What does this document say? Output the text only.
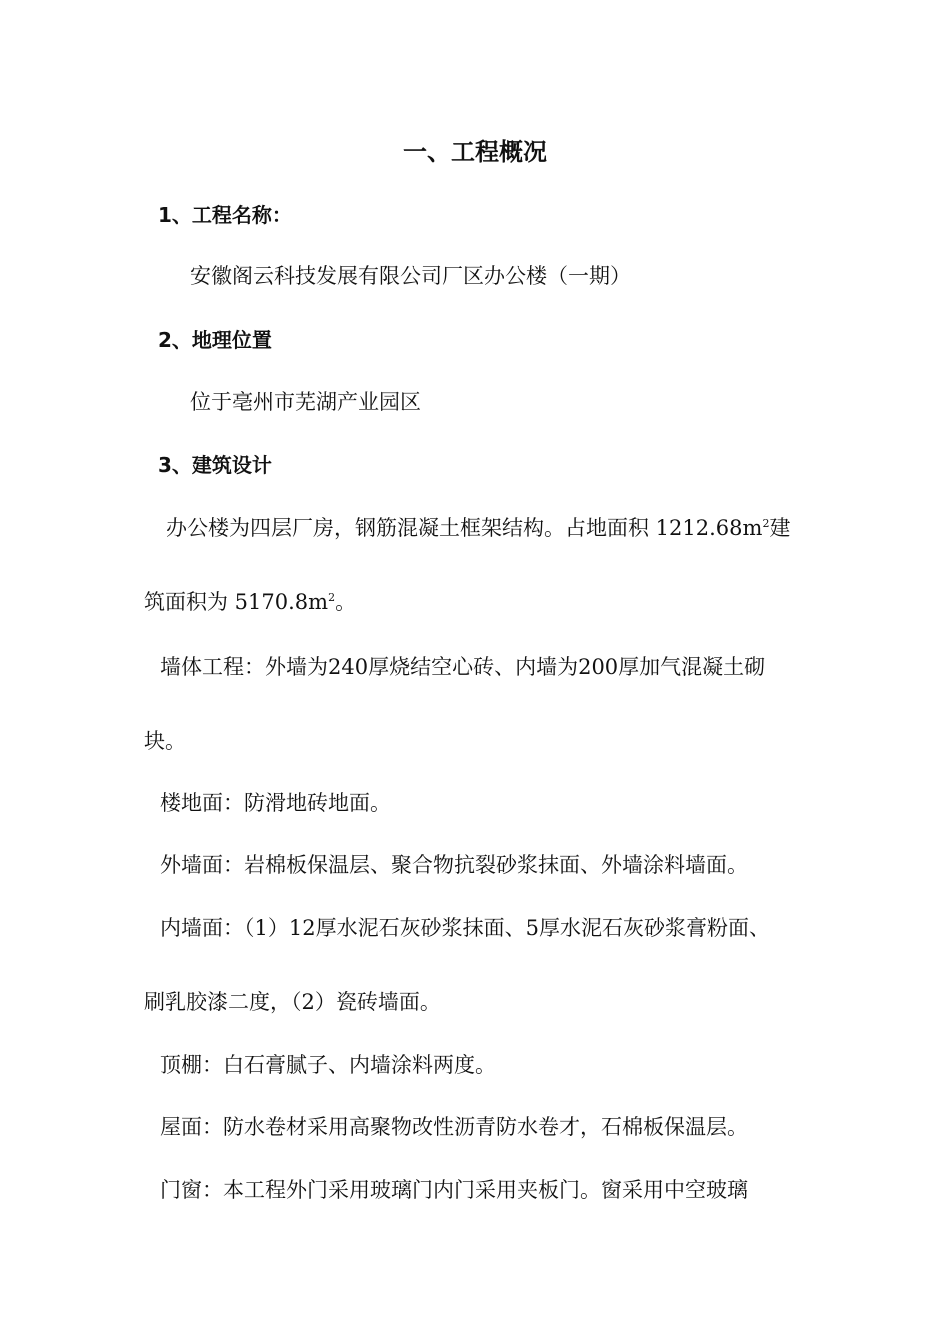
一、工程概况
1、工程名称：
安徽阁云科技发展有限公司厂区办公楼（一期）
2、地理位置
位于亳州市芜湖产业园区
3、建筑设计
办公楼为四层厂房，钢筋混凝土框架结构。占地面积 $1212.68m^2$建
筑面积为 $5170.8m^2$。
墙体工程：外墙为240厚烧结空心砖、内墙为200厚加气混凝土砌
块。
楼地面：防滑地砖地面。
外墙面：岩棉板保温层、聚合物抗裂砂浆抹面、外墙涂料墙面。
内墙面：（1）12厚水泥石灰砂浆抹面、5厚水泥石灰砂浆膏粉面、
刷乳胶漆二度，（2）瓷砖墙面。
顶棚：白石膏腻子、内墙涂料两度。
屋面：防水卷材采用高聚物改性沥青防水卷才，石棉板保温层。
门窗：本工程外门采用玻璃门内门采用夹板门。窗采用中空玻璃
